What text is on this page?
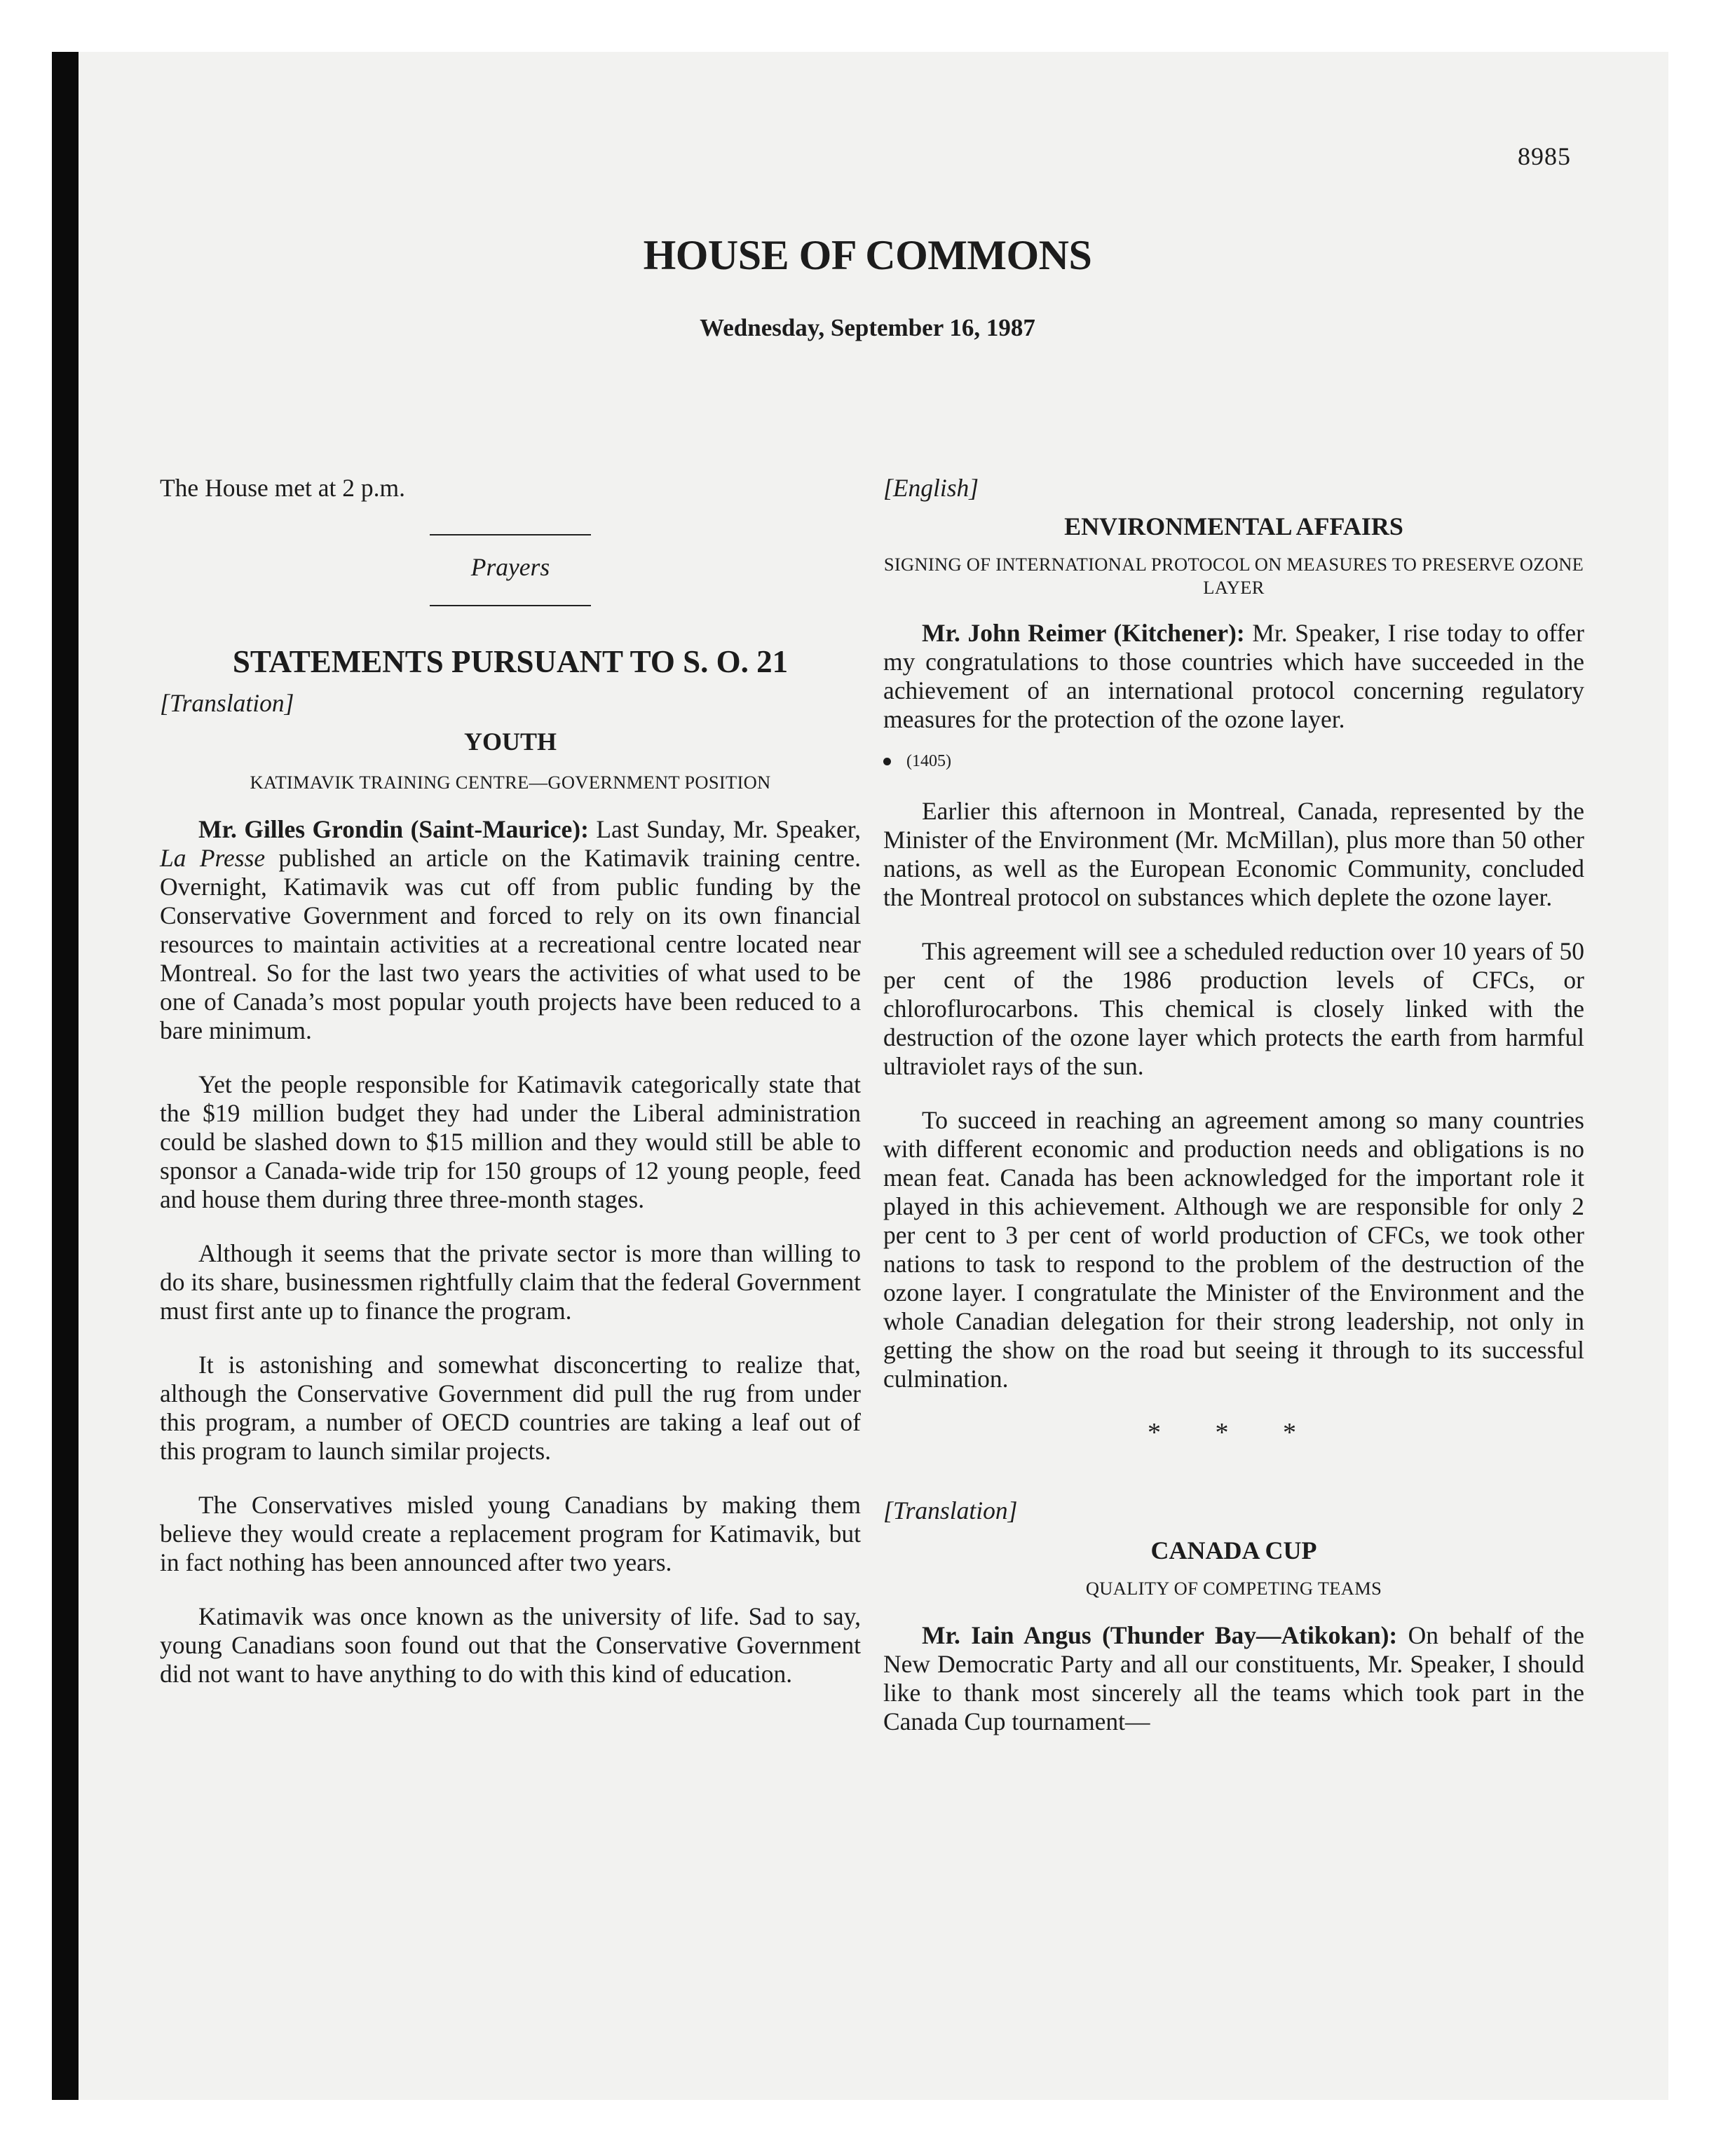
8985
HOUSE OF COMMONS
Wednesday, September 16, 1987

The House met at 2 p.m.

Prayers

STATEMENTS PURSUANT TO S. O. 21

[Translation]

YOUTH
KATIMAVIK TRAINING CENTRE—GOVERNMENT POSITION

Mr. Gilles Grondin (Saint-Maurice): Last Sunday, Mr. Speaker, La Presse published an article on the Katimavik training centre. Overnight, Katimavik was cut off from public funding by the Conservative Government and forced to rely on its own financial resources to maintain activities at a recreational centre located near Montreal. So for the last two years the activities of what used to be one of Canada’s most popular youth projects have been reduced to a bare minimum.

Yet the people responsible for Katimavik categorically state that the $19 million budget they had under the Liberal administration could be slashed down to $15 million and they would still be able to sponsor a Canada-wide trip for 150 groups of 12 young people, feed and house them during three three-month stages.

Although it seems that the private sector is more than willing to do its share, businessmen rightfully claim that the federal Government must first ante up to finance the program.

It is astonishing and somewhat disconcerting to realize that, although the Conservative Government did pull the rug from under this program, a number of OECD countries are taking a leaf out of this program to launch similar projects.

The Conservatives misled young Canadians by making them believe they would create a replacement program for Katimavik, but in fact nothing has been announced after two years.

Katimavik was once known as the university of life. Sad to say, young Canadians soon found out that the Conservative Government did not want to have anything to do with this kind of education.

[English]

ENVIRONMENTAL AFFAIRS
SIGNING OF INTERNATIONAL PROTOCOL ON MEASURES TO PRESERVE OZONE LAYER

Mr. John Reimer (Kitchener): Mr. Speaker, I rise today to offer my congratulations to those countries which have succeeded in the achievement of an international protocol concerning regulatory measures for the protection of the ozone layer.

(1405)

Earlier this afternoon in Montreal, Canada, represented by the Minister of the Environment (Mr. McMillan), plus more than 50 other nations, as well as the European Economic Community, concluded the Montreal protocol on substances which deplete the ozone layer.

This agreement will see a scheduled reduction over 10 years of 50 per cent of the 1986 production levels of CFCs, or chloroflurocarbons. This chemical is closely linked with the destruction of the ozone layer which protects the earth from harmful ultraviolet rays of the sun.

To succeed in reaching an agreement among so many countries with different economic and production needs and obligations is no mean feat. Canada has been acknowledged for the important role it played in this achievement. Although we are responsible for only 2 per cent to 3 per cent of world production of CFCs, we took other nations to task to respond to the problem of the destruction of the ozone layer. I congratulate the Minister of the Environment and the whole Canadian delegation for their strong leadership, not only in getting the show on the road but seeing it through to its successful culmination.

* * *

[Translation]

CANADA CUP
QUALITY OF COMPETING TEAMS

Mr. Iain Angus (Thunder Bay—Atikokan): On behalf of the New Democratic Party and all our constituents, Mr. Speaker, I should like to thank most sincerely all the teams which took part in the Canada Cup tournament—
